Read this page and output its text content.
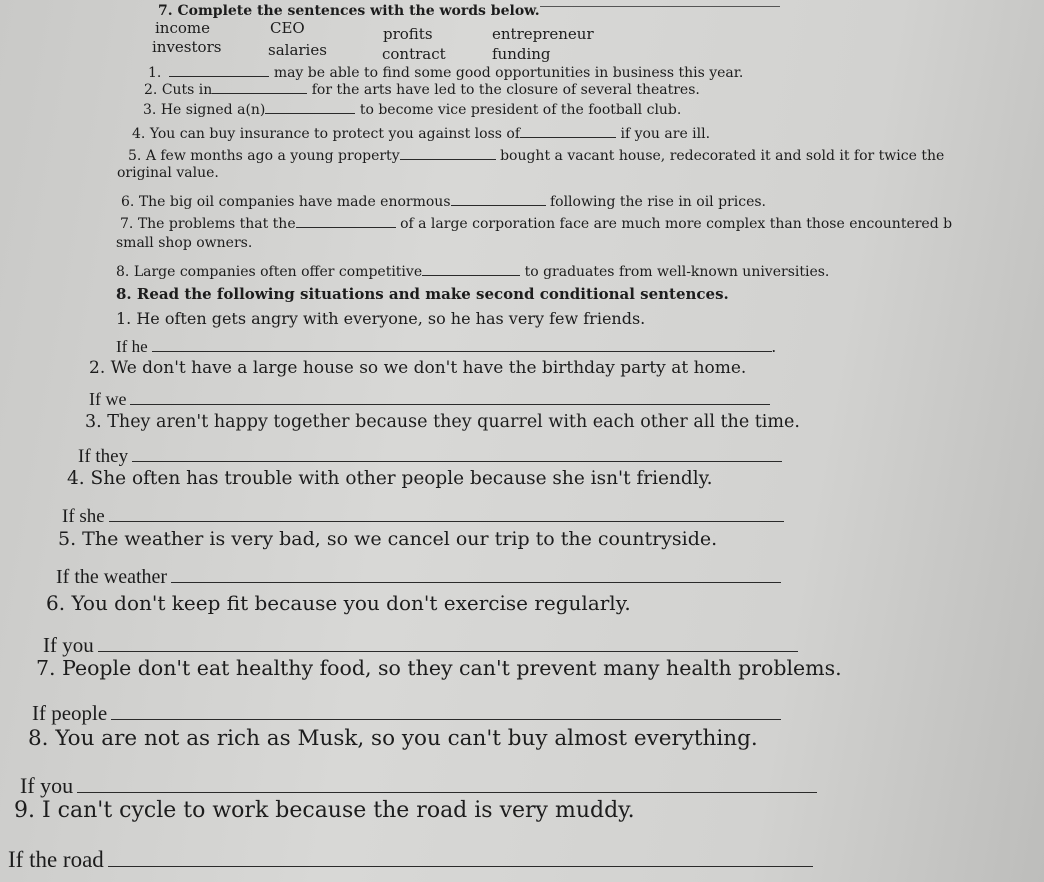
7. Complete the sentences with the words below.
income	CEO	profits	entrepreneur
investors	salaries	contract	funding
1.	may be able to find some good opportunities in business this year.
2. Cuts in	for the arts have led to the closure of several theatres.
3. He signed a(n)	to become vice president of the football club.
4. You can buy insurance to protect you against loss of	if you are ill.
5. A few months ago a young property	bought a vacant house, redecorated it and sold it for twice the
original value.
6. The big oil companies have made enormous	following the rise in oil prices.
7. The problems that the	of a large corporation face are much more complex than those encountered b
small shop owners.
8. Large companies often offer competitive	to graduates from well-known universities.
8. Read the following situations and make second conditional sentences.
1. He often gets angry with everyone, so he has very few friends.
If he	.
2. We don't have a large house so we don't have the birthday party at home.
If we
3. They aren't happy together because they quarrel with each other all the time.
If they
4. She often has trouble with other people because she isn't friendly.
If she
5. The weather is very bad, so we cancel our trip to the countryside.
If the weather
6. You don't keep fit because you don't exercise regularly.
If you
7. People don't eat healthy food, so they can't prevent many health problems.
If people
8. You are not as rich as Musk, so you can't buy almost everything.
If you
9. I can't cycle to work because the road is very muddy.
If the road
